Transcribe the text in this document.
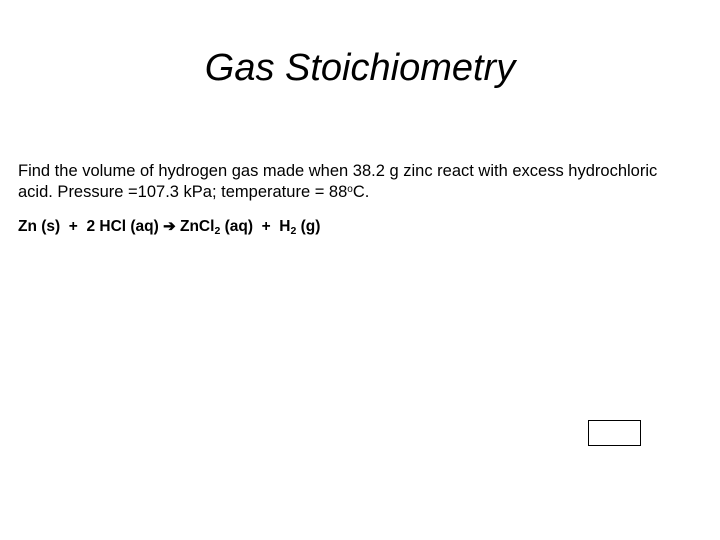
Gas Stoichiometry
Find the volume of hydrogen gas made when 38.2 g zinc react with excess hydrochloric
acid. Pressure =107.3 kPa; temperature = $88^oC$.
Zn (s)  +  2 HCl (aq) ➔ ZnCl$_2$ $(aq) + H_2$ (g)
